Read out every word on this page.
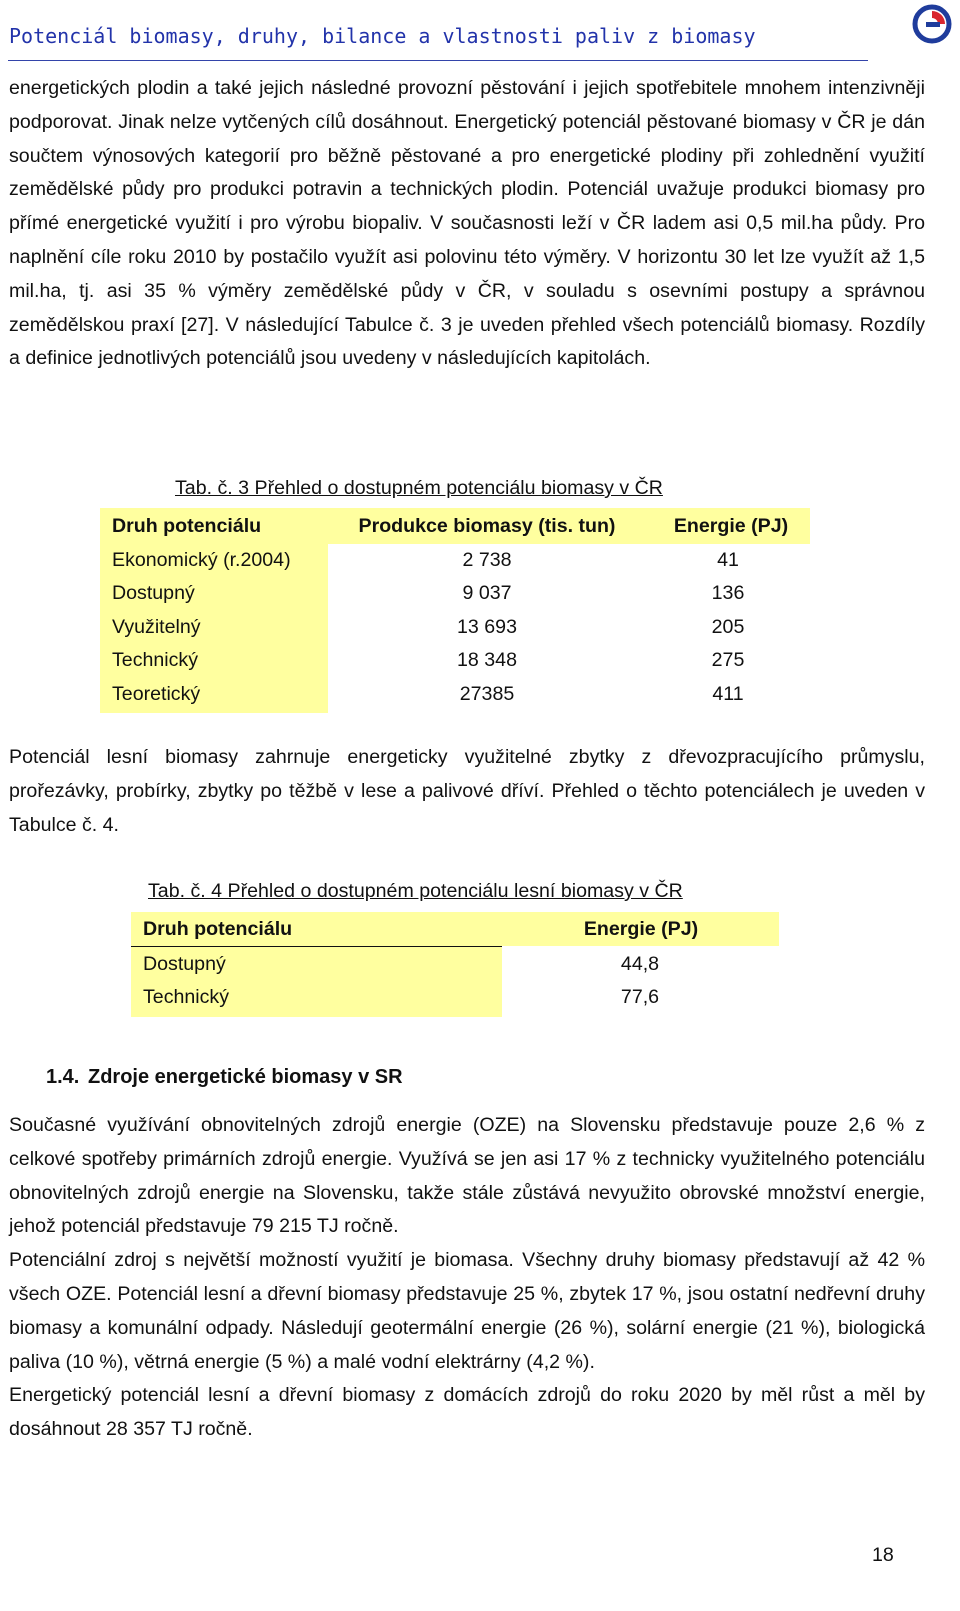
Potenciál biomasy, druhy, bilance a vlastnosti paliv z biomasy

energetických plodin a také jejich následné provozní pěstování i jejich spotřebitele mnohem intenzivněji podporovat. Jinak nelze vytčených cílů dosáhnout. Energetický potenciál pěstované biomasy v ČR je dán součtem výnosových kategorií pro běžně pěstované a pro energetické plodiny při zohlednění využití zemědělské půdy pro produkci potravin a technických plodin. Potenciál uvažuje produkci biomasy pro přímé energetické využití i pro výrobu biopaliv. V současnosti leží v ČR ladem asi 0,5 mil.ha půdy. Pro naplnění cíle roku 2010 by postačilo využít asi polovinu této výměry. V horizontu 30 let lze využít až 1,5 mil.ha, tj. asi 35 % výměry zemědělské půdy v ČR, v souladu s osevními postupy a správnou zemědělskou praxí [27]. V následující Tabulce č. 3 je uveden přehled všech potenciálů biomasy. Rozdíly a definice jednotlivých potenciálů jsou uvedeny v následujících kapitolách.

Tab. č. 3 Přehled o dostupném potenciálu biomasy v ČR
Druh potenciálu	Produkce biomasy (tis. tun)	Energie (PJ)
Ekonomický (r.2004)	2 738	41
Dostupný	9 037	136
Využitelný	13 693	205
Technický	18 348	275
Teoretický	27385	411

Potenciál lesní biomasy zahrnuje energeticky využitelné zbytky z dřevozpracujícího průmyslu, prořezávky, probírky, zbytky po těžbě v lese a palivové dříví. Přehled o těchto potenciálech je uveden v Tabulce č. 4.

Tab. č. 4 Přehled o dostupném potenciálu lesní biomasy v ČR
Druh potenciálu	Energie (PJ)
Dostupný	44,8
Technický	77,6
1.4. Zdroje energetické biomasy v SR

Současné využívání obnovitelných zdrojů energie (OZE) na Slovensku představuje pouze 2,6 % z celkové spotřeby primárních zdrojů energie. Využívá se jen asi 17 % z technicky využitelného potenciálu obnovitelných zdrojů energie na Slovensku, takže stále zůstává nevyužito obrovské množství energie, jehož potenciál představuje 79 215 TJ ročně.

Potenciální zdroj s největší možností využití je biomasa. Všechny druhy biomasy představují až 42 % všech OZE. Potenciál lesní a dřevní biomasy představuje 25 %, zbytek 17 %, jsou ostatní nedřevní druhy biomasy a komunální odpady. Následují geotermální energie (26 %), solární energie (21 %), biologická paliva (10 %), větrná energie (5 %) a malé vodní elektrárny (4,2 %).

Energetický potenciál lesní a dřevní biomasy z domácích zdrojů do roku 2020 by měl růst a měl by dosáhnout 28 357 TJ ročně.

18
